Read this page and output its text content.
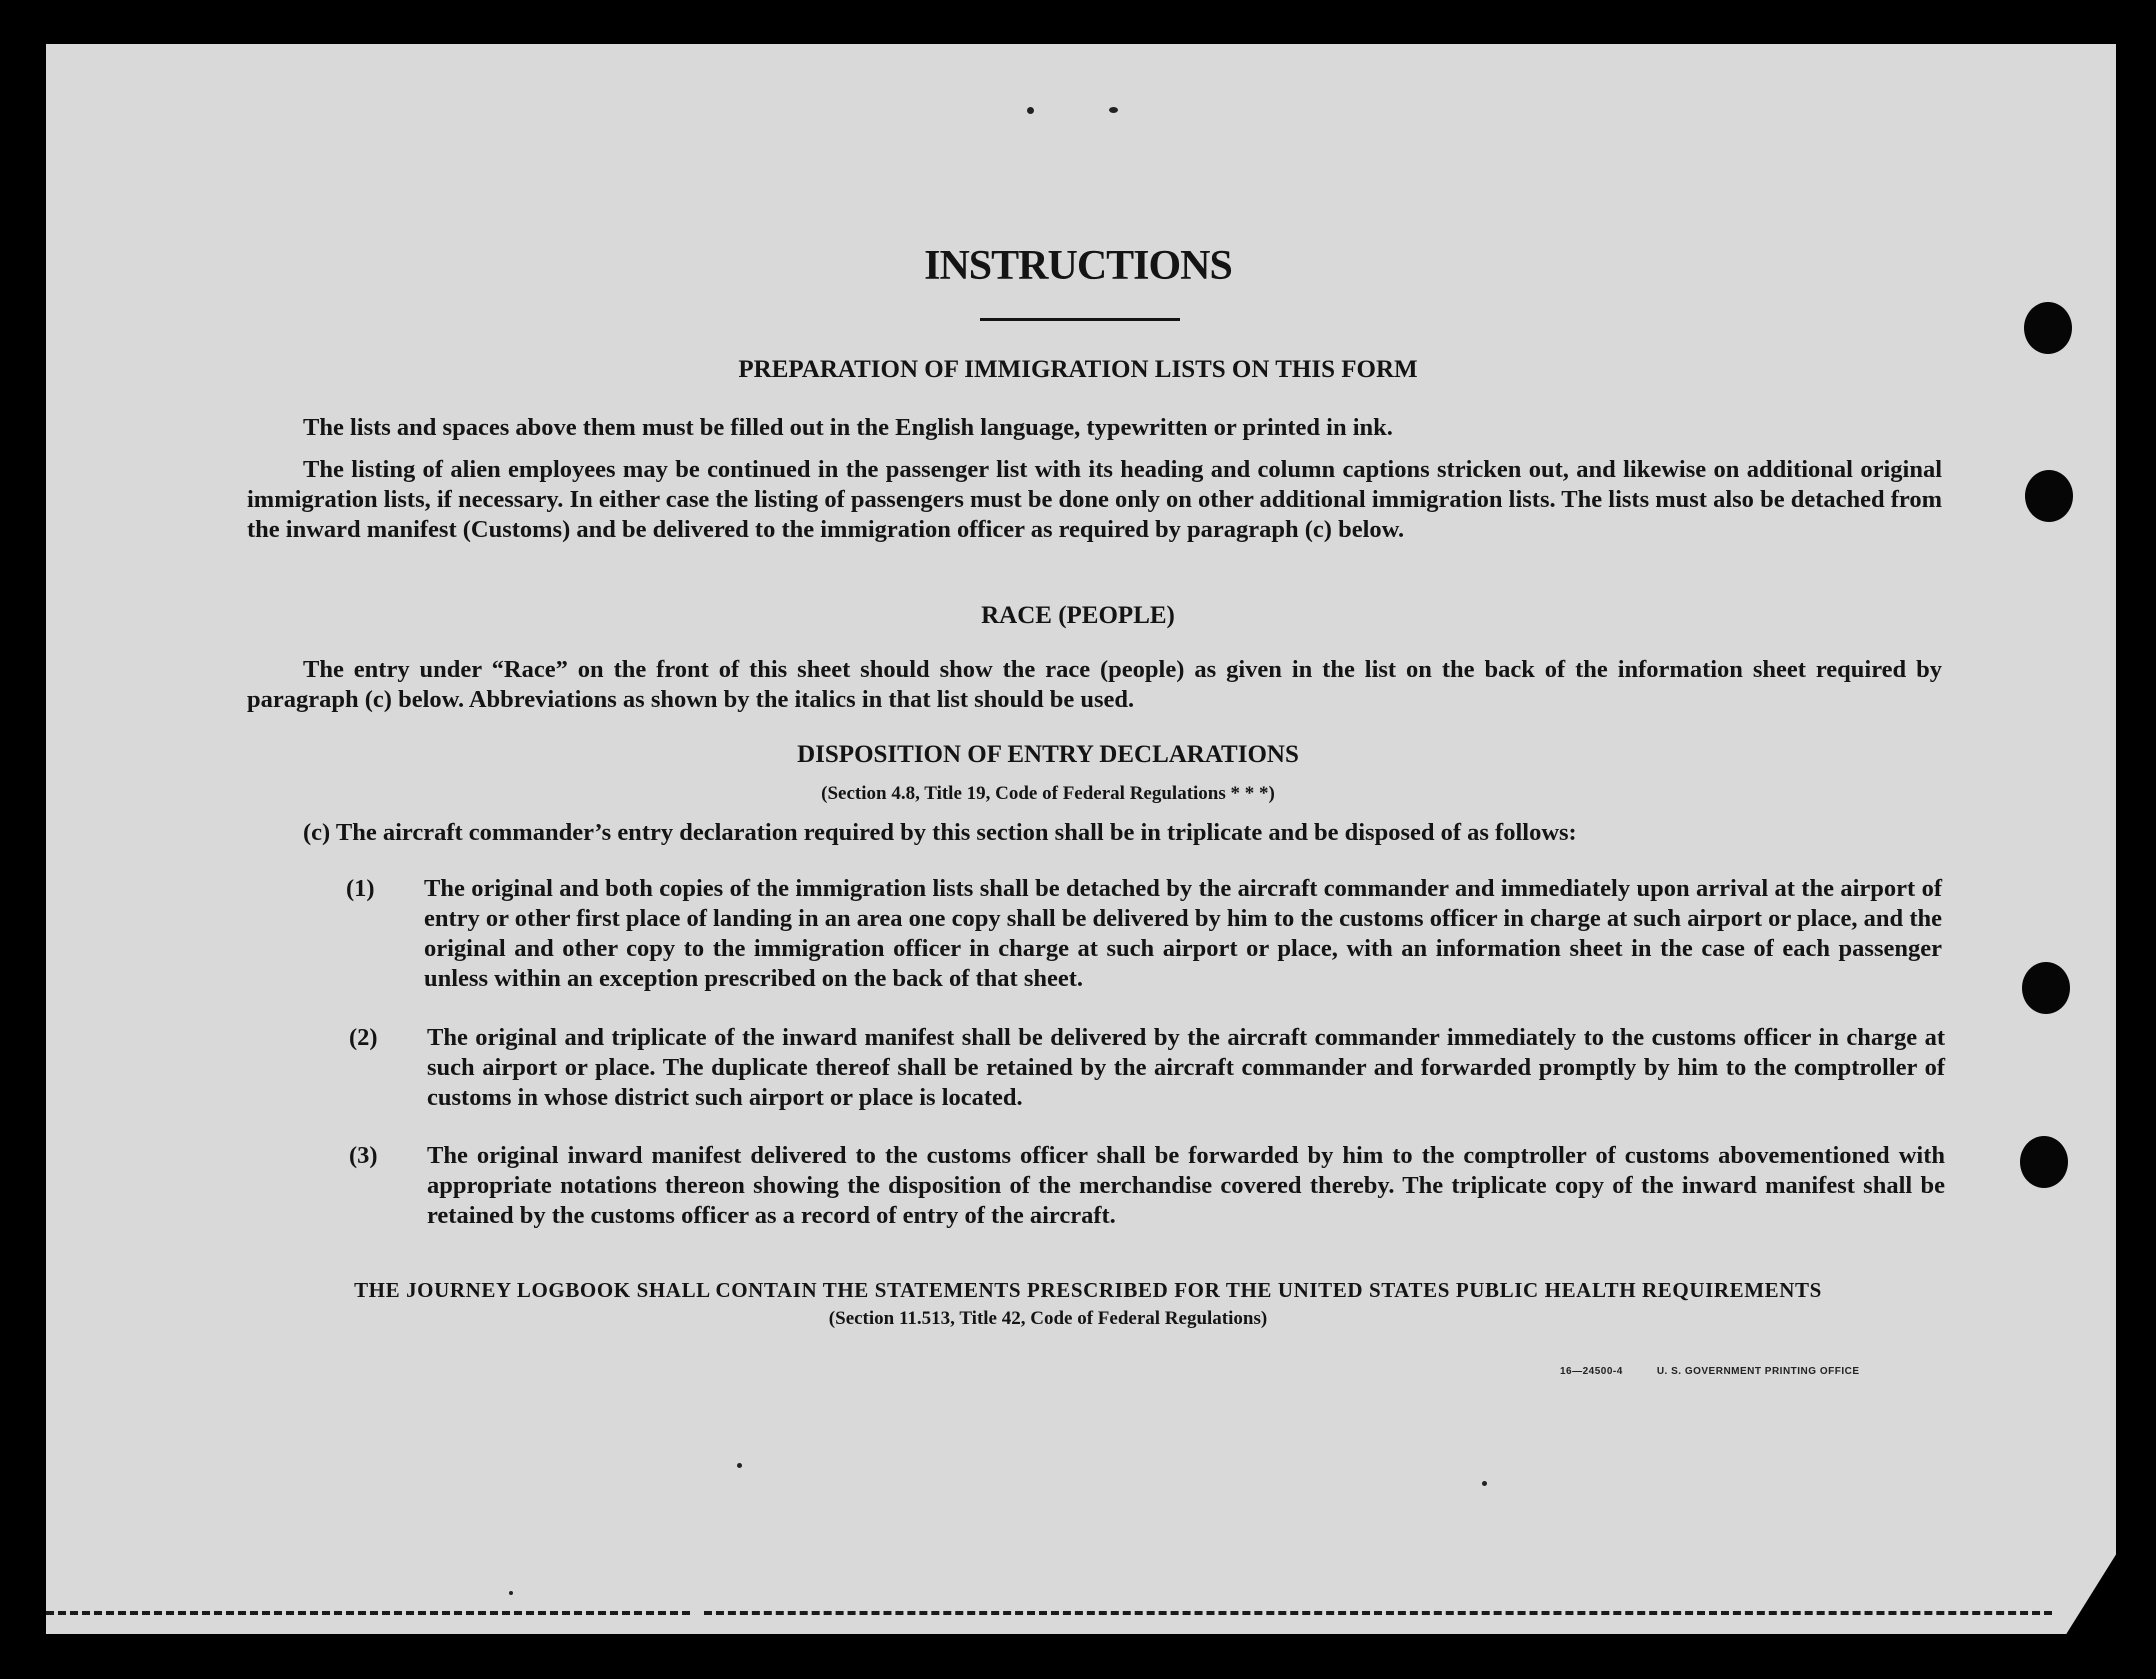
INSTRUCTIONS
PREPARATION OF IMMIGRATION LISTS ON THIS FORM
The lists and spaces above them must be filled out in the English language, typewritten or printed in ink.
The listing of alien employees may be continued in the passenger list with its heading and column captions stricken out, and likewise on additional original immigration lists, if necessary. In either case the listing of passengers must be done only on other additional immigration lists. The lists must also be detached from the inward manifest (Customs) and be delivered to the immigration officer as required by paragraph (c) below.
RACE (PEOPLE)
The entry under “Race” on the front of this sheet should show the race (people) as given in the list on the back of the information sheet required by paragraph (c) below. Abbreviations as shown by the italics in that list should be used.
DISPOSITION OF ENTRY DECLARATIONS
(Section 4.8, Title 19, Code of Federal Regulations * * *)
(c) The aircraft commander’s entry declaration required by this section shall be in triplicate and be disposed of as follows:
(1)	The original and both copies of the immigration lists shall be detached by the aircraft commander and immediately upon arrival at the airport of entry or other first place of landing in an area one copy shall be delivered by him to the customs officer in charge at such airport or place, and the original and other copy to the immigration officer in charge at such airport or place, with an information sheet in the case of each passenger unless within an exception prescribed on the back of that sheet.
(2)	The original and triplicate of the inward manifest shall be delivered by the aircraft commander immediately to the customs officer in charge at such airport or place. The duplicate thereof shall be retained by the aircraft commander and forwarded promptly by him to the comptroller of customs in whose district such airport or place is located.
(3)	The original inward manifest delivered to the customs officer shall be forwarded by him to the comptroller of customs abovementioned with appropriate notations thereon showing the disposition of the merchandise covered thereby. The triplicate copy of the inward manifest shall be retained by the customs officer as a record of entry of the aircraft.
THE JOURNEY LOGBOOK SHALL CONTAIN THE STATEMENTS PRESCRIBED FOR THE UNITED STATES PUBLIC HEALTH REQUIREMENTS
(Section 11.513, Title 42, Code of Federal Regulations)
16—24500-4	U. S. GOVERNMENT PRINTING OFFICE
